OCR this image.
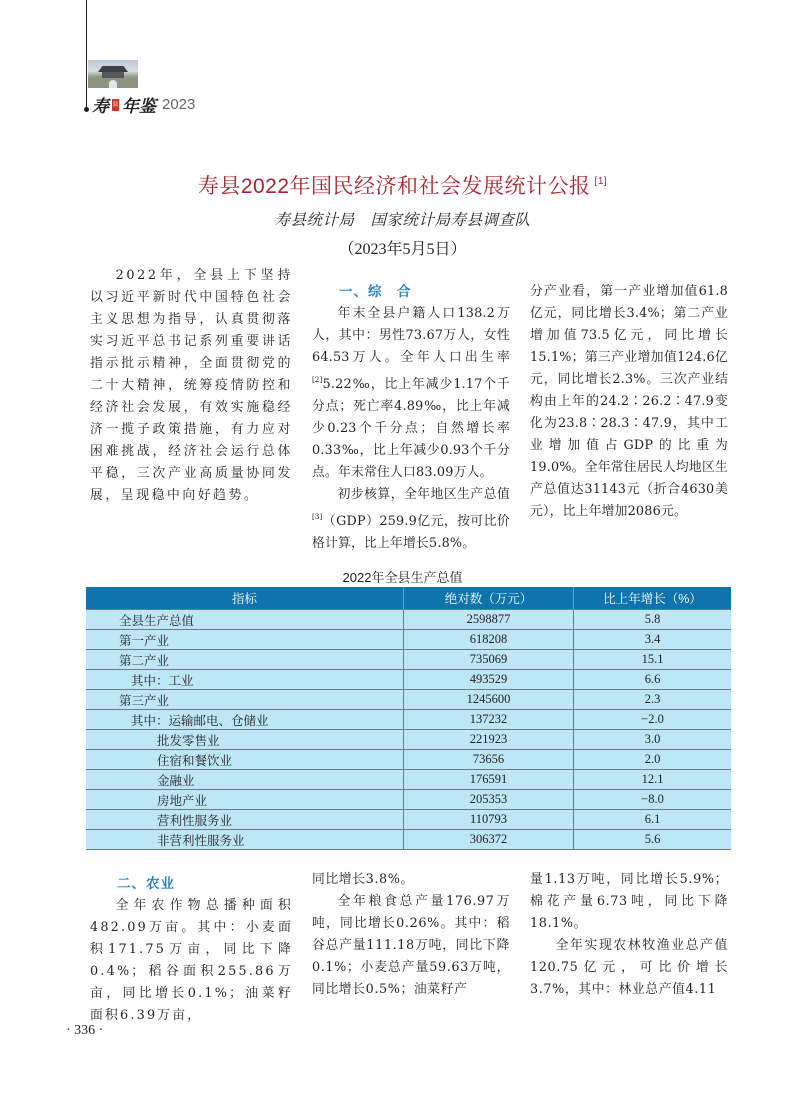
寿 县 年鉴 2023
寿县2022年国民经济和社会发展统计公报 [1]
寿县统计局　国家统计局寿县调查队
（2023年5月5日）

2022年，全县上下坚持以习近平新时代中国特色社会主义思想为指导，认真贯彻落实习近平总书记系列重要讲话指示批示精神，全面贯彻党的二十大精神，统筹疫情防控和经济社会发展，有效实施稳经济一揽子政策措施，有力应对困难挑战，经济社会运行总体平稳，三次产业高质量协同发展，呈现稳中向好趋势。

一、综　合

年末全县户籍人口138.2万人，其中：男性73.67万人，女性64.53万人。全年人口出生率[2]5.22‰，比上年减少1.17个千分点；死亡率4.89‰，比上年减少0.23个千分点；自然增长率0.33‰，比上年减少0.93个千分点。年末常住人口83.09万人。

初步核算，全年地区生产总值[3]（GDP）259.9亿元，按可比价格计算，比上年增长5.8%。

分产业看，第一产业增加值61.8亿元，同比增长3.4%；第二产业增加值73.5亿元，同比增长15.1%；第三产业增加值124.6亿元，同比增长2.3%。三次产业结构由上年的24.2∶26.2∶47.9变化为23.8∶28.3∶47.9，其中工业增加值占GDP的比重为19.0%。全年常住居民人均地区生产总值达31143元（折合4630美元），比上年增加2086元。

2022年全县生产总值
指标	绝对数（万元）	比上年增长（%）
全县生产总值	2598877	5.8
第一产业	618208	3.4
第二产业	735069	15.1
其中：工业	493529	6.6
第三产业	1245600	2.3
其中：运输邮电、仓储业	137232	−2.0
批发零售业	221923	3.0
住宿和餐饮业	73656	2.0
金融业	176591	12.1
房地产业	205353	−8.0
营利性服务业	110793	6.1
非营利性服务业	306372	5.6
二、农业

全年农作物总播种面积482.09万亩。其中：小麦面积171.75万亩，同比下降0.4%；稻谷面积255.86万亩，同比增长0.1%；油菜籽面积6.39万亩，

同比增长3.8%。

全年粮食总产量176.97万吨，同比增长0.26%。其中：稻谷总产量111.18万吨，同比下降0.1%；小麦总产量59.63万吨，同比增长0.5%；油菜籽产

量1.13万吨，同比增长5.9%；棉花产量6.73吨，同比下降18.1%。

全年实现农林牧渔业总产值120.75亿元，可比价增长3.7%，其中：林业总产值4.11

· 336 ·
